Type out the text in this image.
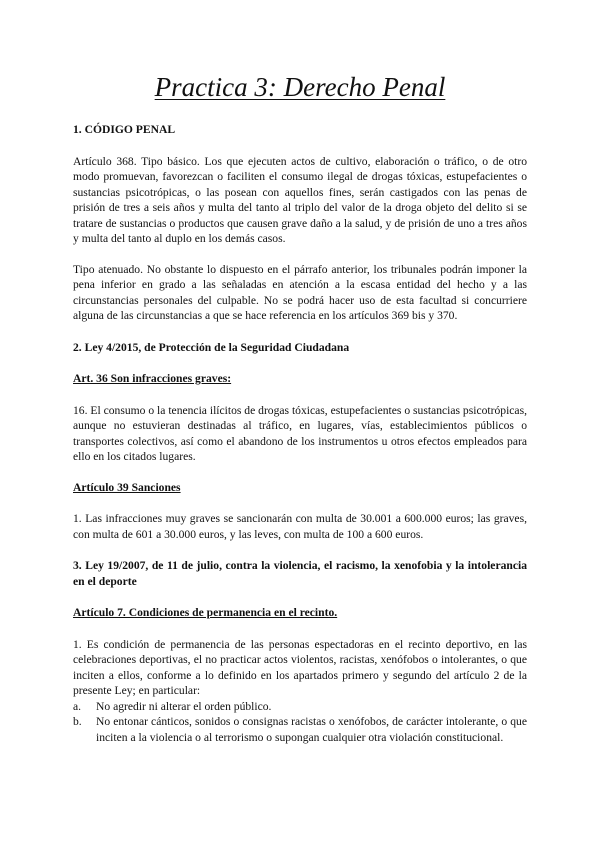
Practica 3: Derecho Penal

1. CÓDIGO PENAL

Artículo 368. Tipo básico. Los que ejecuten actos de cultivo, elaboración o tráfico, o de otro modo promuevan, favorezcan o faciliten el consumo ilegal de drogas tóxicas, estupefacientes o sustancias psicotrópicas, o las posean con aquellos fines, serán castigados con las penas de prisión de tres a seis años y multa del tanto al triplo del valor de la droga objeto del delito si se tratare de sustancias o productos que causen grave daño a la salud, y de prisión de uno a tres años y multa del tanto al duplo en los demás casos.

Tipo atenuado. No obstante lo dispuesto en el párrafo anterior, los tribunales podrán imponer la pena inferior en grado a las señaladas en atención a la escasa entidad del hecho y a las circunstancias personales del culpable. No se podrá hacer uso de esta facultad si concurriere alguna de las circunstancias a que se hace referencia en los artículos 369 bis y 370.

2. Ley 4/2015, de Protección de la Seguridad Ciudadana

Art. 36 Son infracciones graves:

16. El consumo o la tenencia ilícitos de drogas tóxicas, estupefacientes o sustancias psicotrópicas, aunque no estuvieran destinadas al tráfico, en lugares, vías, establecimientos públicos o transportes colectivos, así como el abandono de los instrumentos u otros efectos empleados para ello en los citados lugares.

Artículo 39 Sanciones

1. Las infracciones muy graves se sancionarán con multa de 30.001 a 600.000 euros; las graves, con multa de 601 a 30.000 euros, y las leves, con multa de 100 a 600 euros.

3. Ley 19/2007, de 11 de julio, contra la violencia, el racismo, la xenofobia y la intolerancia en el deporte

Artículo 7. Condiciones de permanencia en el recinto.

1. Es condición de permanencia de las personas espectadoras en el recinto deportivo, en las celebraciones deportivas, el no practicar actos violentos, racistas, xenófobos o intolerantes, o que inciten a ellos, conforme a lo definido en los apartados primero y segundo del artículo 2 de la presente Ley; en particular:

a.	No agredir ni alterar el orden público.
b.	No entonar cánticos, sonidos o consignas racistas o xenófobos, de carácter intolerante, o que inciten a la violencia o al terrorismo o supongan cualquier otra violación constitucional.
